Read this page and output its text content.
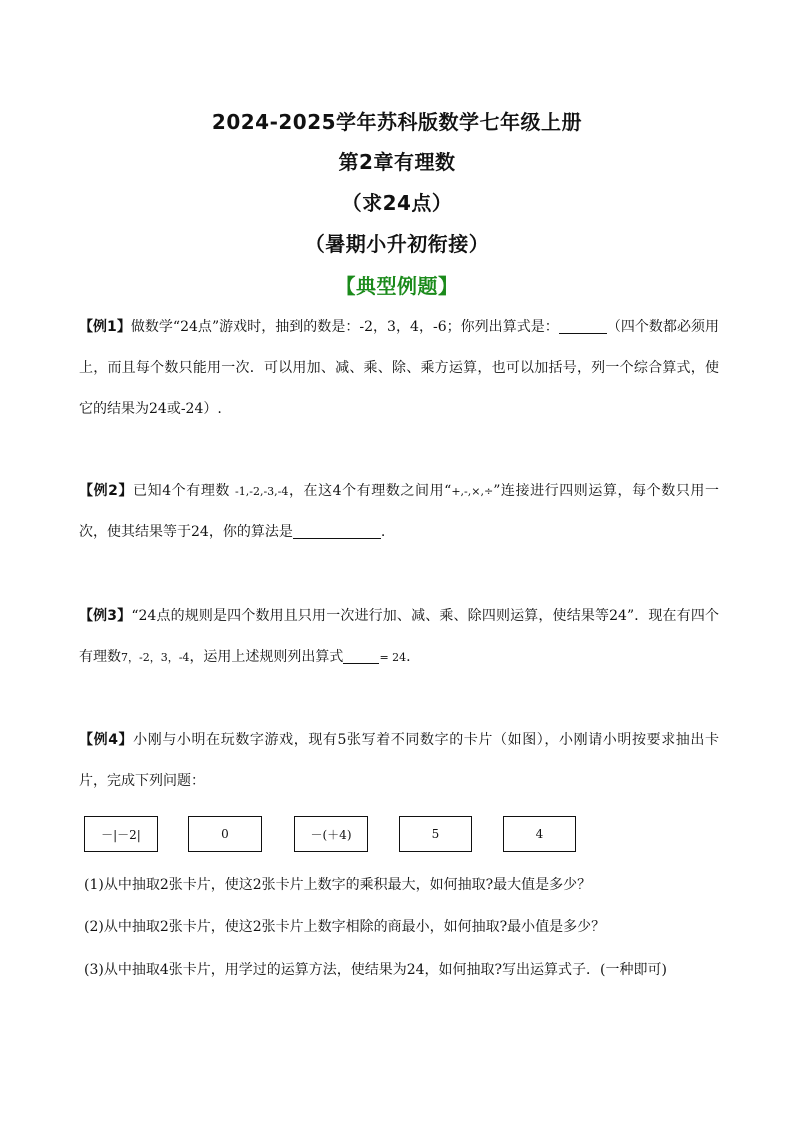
2024-2025学年苏科版数学七年级上册
第2章有理数
（求24点）
（暑期小升初衔接）
【典型例题】
【例1】做数学“24点”游戏时，抽到的数是：-2，3，4，-6；你列出算式是：	（四个数都必须用上，而且每个数只能用一次．可以用加、减、乘、除、乘方运算，也可以加括号，列一个综合算式，使它的结果为24或-24）.
【例2】已知4个有理数 -1,-2,-3,-4，在这4个有理数之间用“+,-,×,÷”连接进行四则运算，每个数只用一次，使其结果等于24，你的算法是	.
【例3】“24点的规则是四个数用且只用一次进行加、减、乘、除四则运算，使结果等24”．现在有四个有理数7，-2，3，-4，运用上述规则列出算式	= 24.
【例4】小刚与小明在玩数字游戏，现有5张写着不同数字的卡片（如图），小刚请小明按要求抽出卡片，完成下列问题：
－|－2|	0	－(＋4)	5	4
(1)从中抽取2张卡片，使这2张卡片上数字的乘积最大，如何抽取?最大值是多少？
(2)从中抽取2张卡片，使这2张卡片上数字相除的商最小，如何抽取?最小值是多少？
(3)从中抽取4张卡片，用学过的运算方法，使结果为24，如何抽取?写出运算式子．(一种即可)
